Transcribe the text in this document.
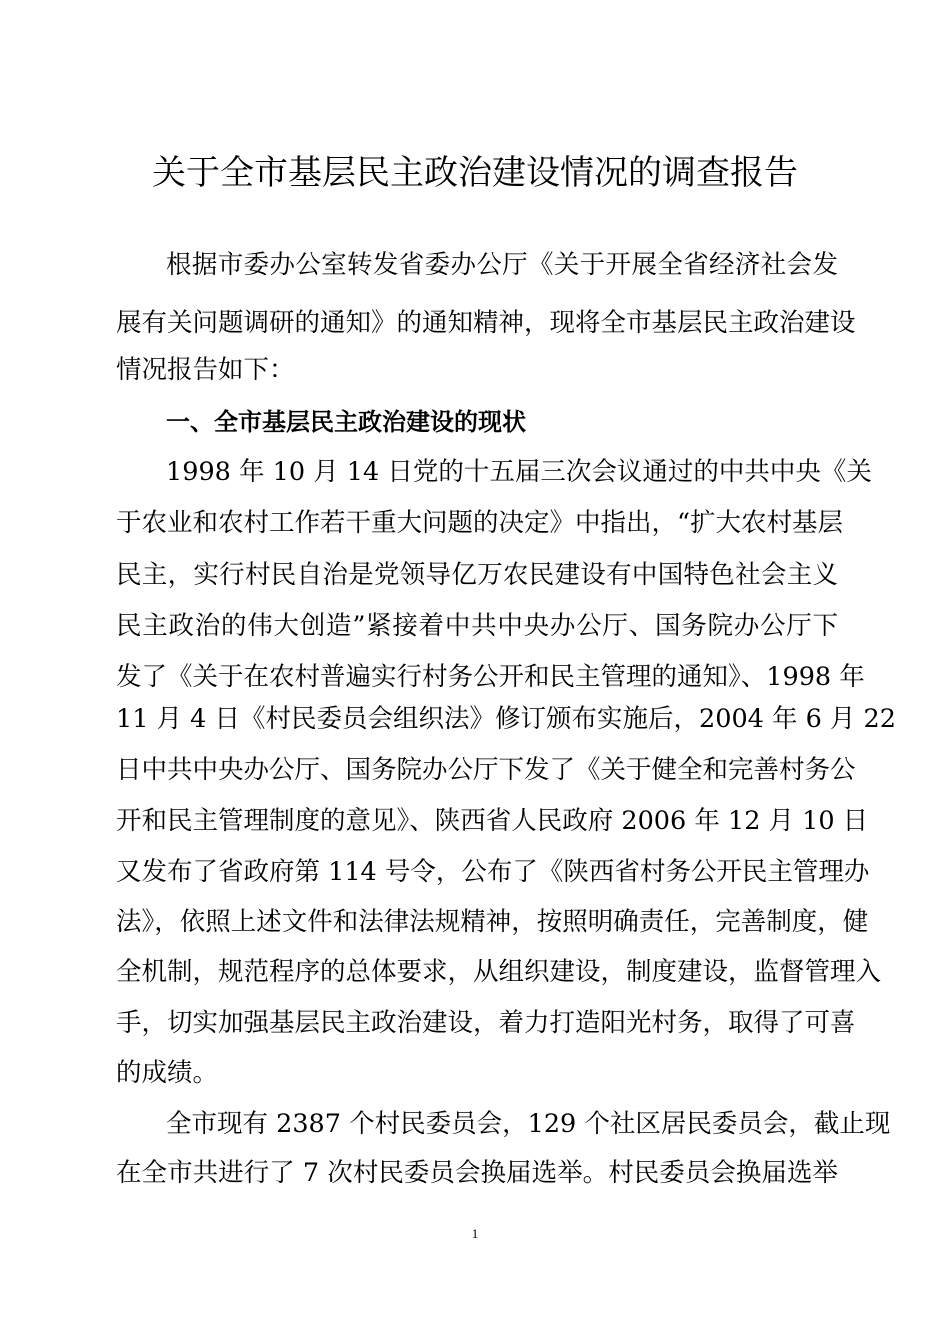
关于全市基层民主政治建设情况的调查报告

根据市委办公室转发省委办公厅《关于开展全省经济社会发

展有关问题调研的通知》的通知精神，现将全市基层民主政治建设

情况报告如下：

一、全市基层民主政治建设的现状

1998 年 10 月 14 日党的十五届三次会议通过的中共中央《关

于农业和农村工作若干重大问题的决定》中指出，“扩大农村基层

民主，实行村民自治是党领导亿万农民建设有中国特色社会主义

民主政治的伟大创造”紧接着中共中央办公厅、国务院办公厅下

发了《关于在农村普遍实行村务公开和民主管理的通知》、1998 年

11 月 4 日《村民委员会组织法》修订颁布实施后，2004 年 6 月 22

日中共中央办公厅、国务院办公厅下发了《关于健全和完善村务公

开和民主管理制度的意见》、陕西省人民政府 2006 年 12 月 10 日

又发布了省政府第 114 号令，公布了《陕西省村务公开民主管理办

法》，依照上述文件和法律法规精神，按照明确责任，完善制度，健

全机制，规范程序的总体要求，从组织建设，制度建设，监督管理入

手，切实加强基层民主政治建设，着力打造阳光村务，取得了可喜

的成绩。

全市现有 2387 个村民委员会，129 个社区居民委员会，截止现

在全市共进行了 7 次村民委员会换届选举。村民委员会换届选举

1
